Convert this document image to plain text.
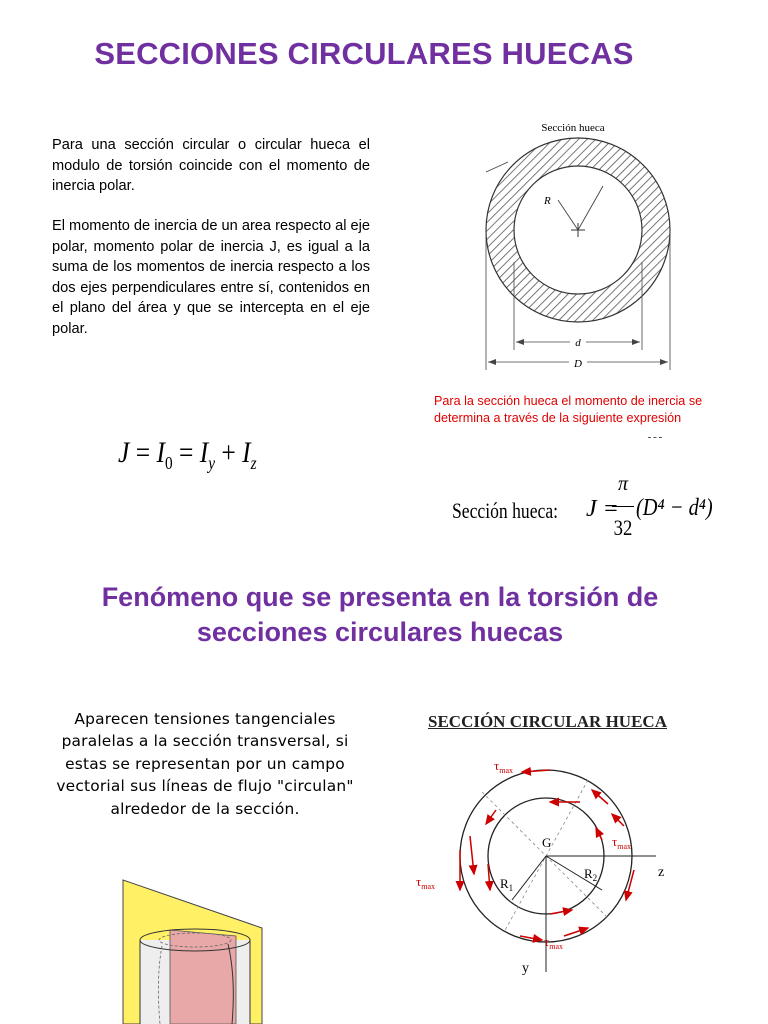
SECCIONES CIRCULARES HUECAS
Para una sección circular o circular hueca el modulo de torsión coincide con el momento de inercia polar.
El momento de inercia de un area respecto al eje polar, momento polar de inercia J, es igual a la suma de los momentos de inercia respecto a los dos ejes perpendiculares entre sí, contenidos en el plano del área y que se intercepta en el eje polar.
Sección hueca
R
d
D
Para la sección hueca el momento de inercia se determina a través de la siguiente expresión
$J = I_0 = I_y + I_z$
Sección hueca: J =
π
32
(D⁴ − d⁴)
Fenómeno que se presenta en la torsión de
secciones circulares huecas
Aparecen tensiones tangenciales paralelas a la sección transversal, si estas se representan por un campo vectorial sus líneas de flujo "circulan" alrededor de la sección.
SECCIÓN CIRCULAR HUECA
G
$R_1$
$R_2$	z
y
$\tau_{max}$
$\tau_{max}$
$\tau_{max}$
$\tau_{max}$
